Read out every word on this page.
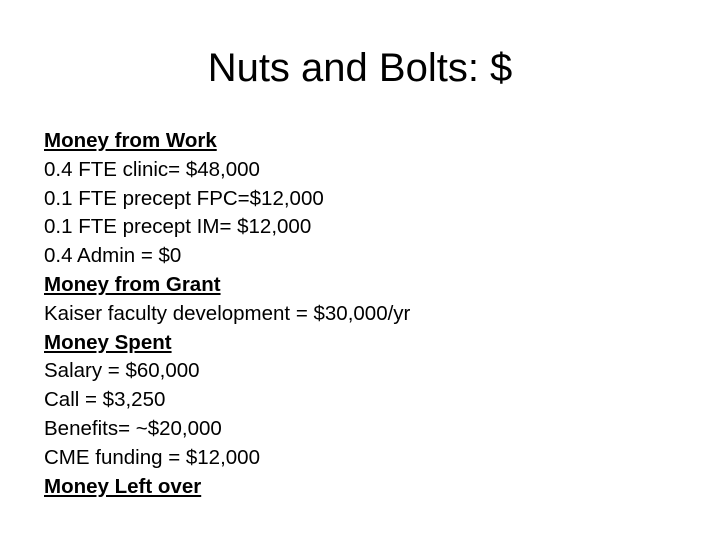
Nuts and Bolts: $
Money from Work
0.4 FTE clinic= $48,000
0.1 FTE precept FPC=$12,000
0.1 FTE precept IM= $12,000
0.4 Admin = $0
Money from Grant
Kaiser faculty development = $30,000/yr
Money Spent
Salary = $60,000
Call = $3,250
Benefits= ~$20,000
CME funding = $12,000
Money Left over
